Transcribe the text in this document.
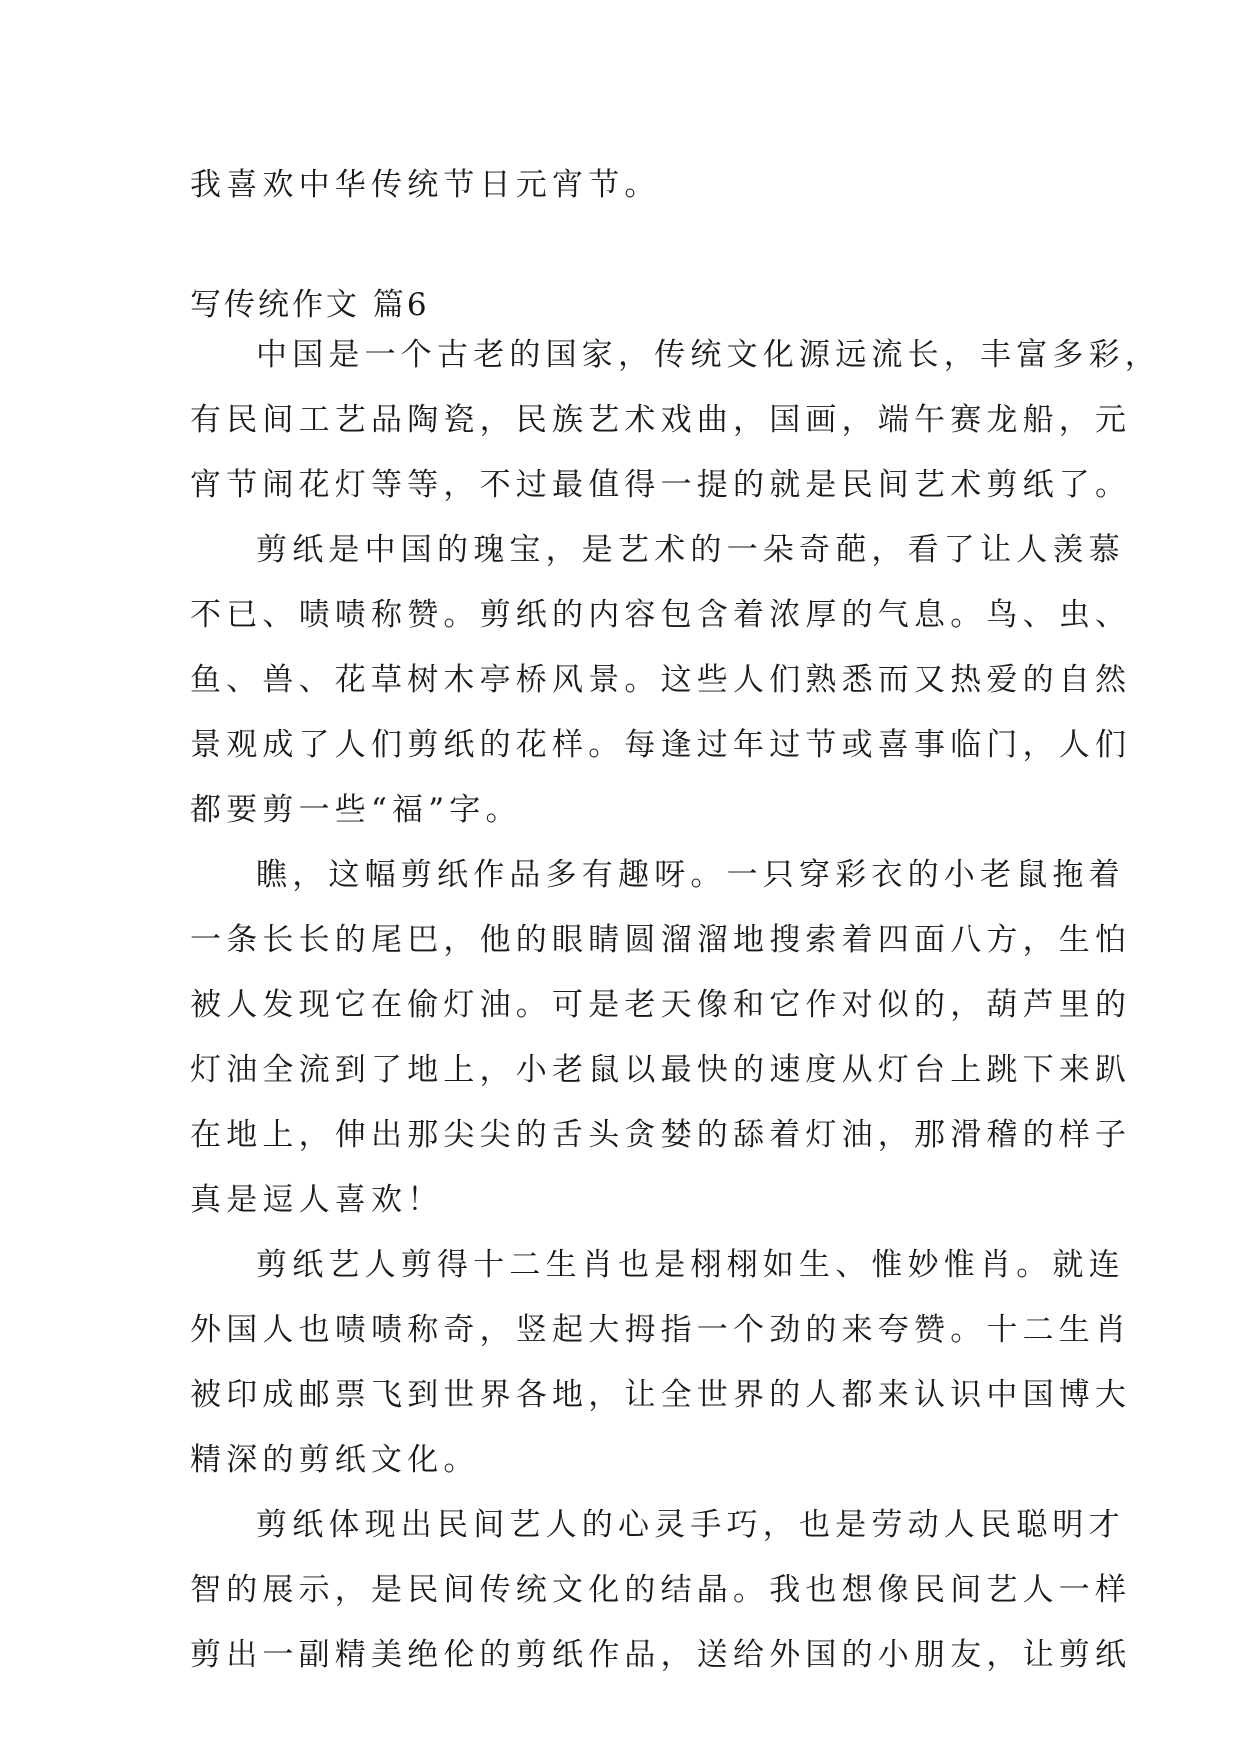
我喜欢中华传统节日元宵节。
写传统作文 篇6
中国是一个古老的国家，传统文化源远流长，丰富多彩，
有民间工艺品陶瓷，民族艺术戏曲，国画，端午赛龙船，元
宵节闹花灯等等，不过最值得一提的就是民间艺术剪纸了。
剪纸是中国的瑰宝，是艺术的一朵奇葩，看了让人羡慕
不已、啧啧称赞。剪纸的内容包含着浓厚的气息。鸟、虫、
鱼、兽、花草树木亭桥风景。这些人们熟悉而又热爱的自然
景观成了人们剪纸的花样。每逢过年过节或喜事临门，人们
都要剪一些“福”字。
瞧，这幅剪纸作品多有趣呀。一只穿彩衣的小老鼠拖着
一条长长的尾巴，他的眼睛圆溜溜地搜索着四面八方，生怕
被人发现它在偷灯油。可是老天像和它作对似的，葫芦里的
灯油全流到了地上，小老鼠以最快的速度从灯台上跳下来趴
在地上，伸出那尖尖的舌头贪婪的舔着灯油，那滑稽的样子
真是逗人喜欢！
剪纸艺人剪得十二生肖也是栩栩如生、惟妙惟肖。就连
外国人也啧啧称奇，竖起大拇指一个劲的来夸赞。十二生肖
被印成邮票飞到世界各地，让全世界的人都来认识中国博大
精深的剪纸文化。
剪纸体现出民间艺人的心灵手巧，也是劳动人民聪明才
智的展示，是民间传统文化的结晶。我也想像民间艺人一样
剪出一副精美绝伦的剪纸作品，送给外国的小朋友，让剪纸
